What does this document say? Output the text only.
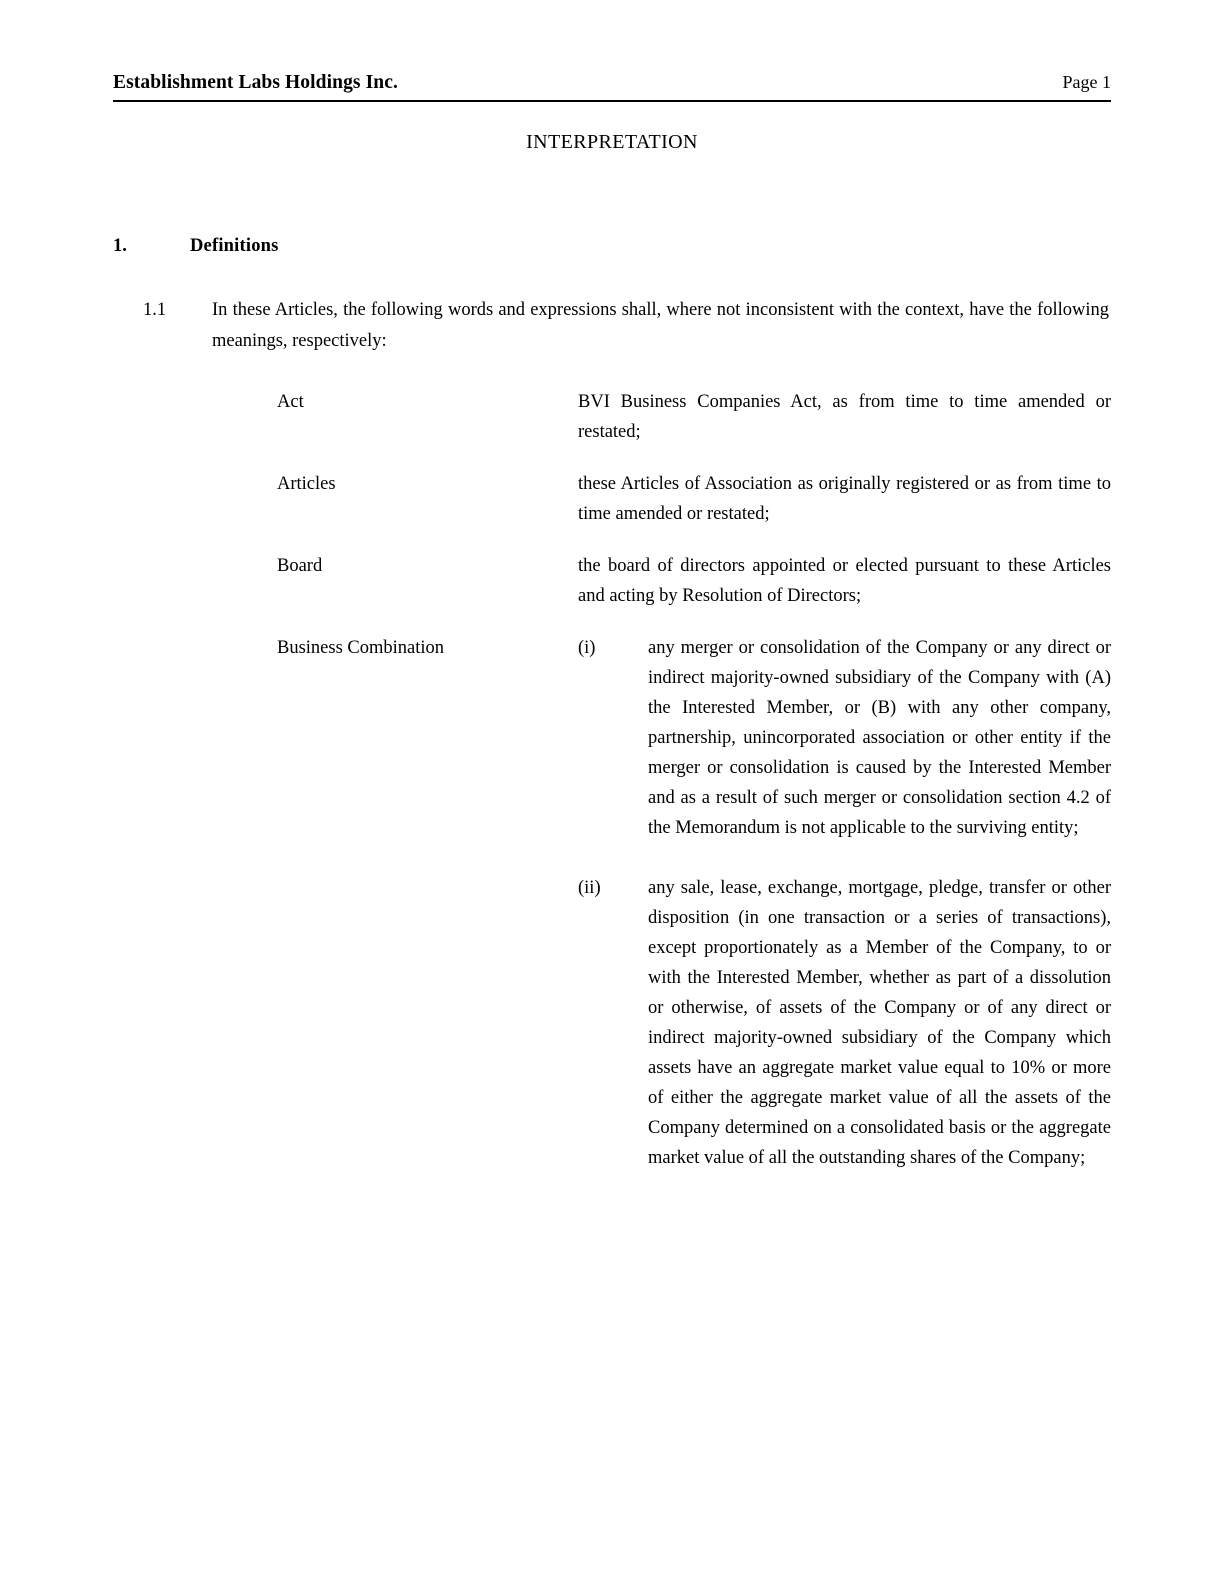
Establishment Labs Holdings Inc.	Page 1
INTERPRETATION
1.	Definitions
1.1	In these Articles, the following words and expressions shall, where not inconsistent with the context, have the following meanings, respectively:
Act	BVI Business Companies Act, as from time to time amended or restated;
Articles	these Articles of Association as originally registered or as from time to time amended or restated;
Board	the board of directors appointed or elected pursuant to these Articles and acting by Resolution of Directors;
Business Combination	(i)	any merger or consolidation of the Company or any direct or indirect majority-owned subsidiary of the Company with (A) the Interested Member, or (B) with any other company, partnership, unincorporated association or other entity if the merger or consolidation is caused by the Interested Member and as a result of such merger or consolidation section 4.2 of the Memorandum is not applicable to the surviving entity;
(ii)	any sale, lease, exchange, mortgage, pledge, transfer or other disposition (in one transaction or a series of transactions), except proportionately as a Member of the Company, to or with the Interested Member, whether as part of a dissolution or otherwise, of assets of the Company or of any direct or indirect majority-owned subsidiary of the Company which assets have an aggregate market value equal to 10% or more of either the aggregate market value of all the assets of the Company determined on a consolidated basis or the aggregate market value of all the outstanding shares of the Company;
